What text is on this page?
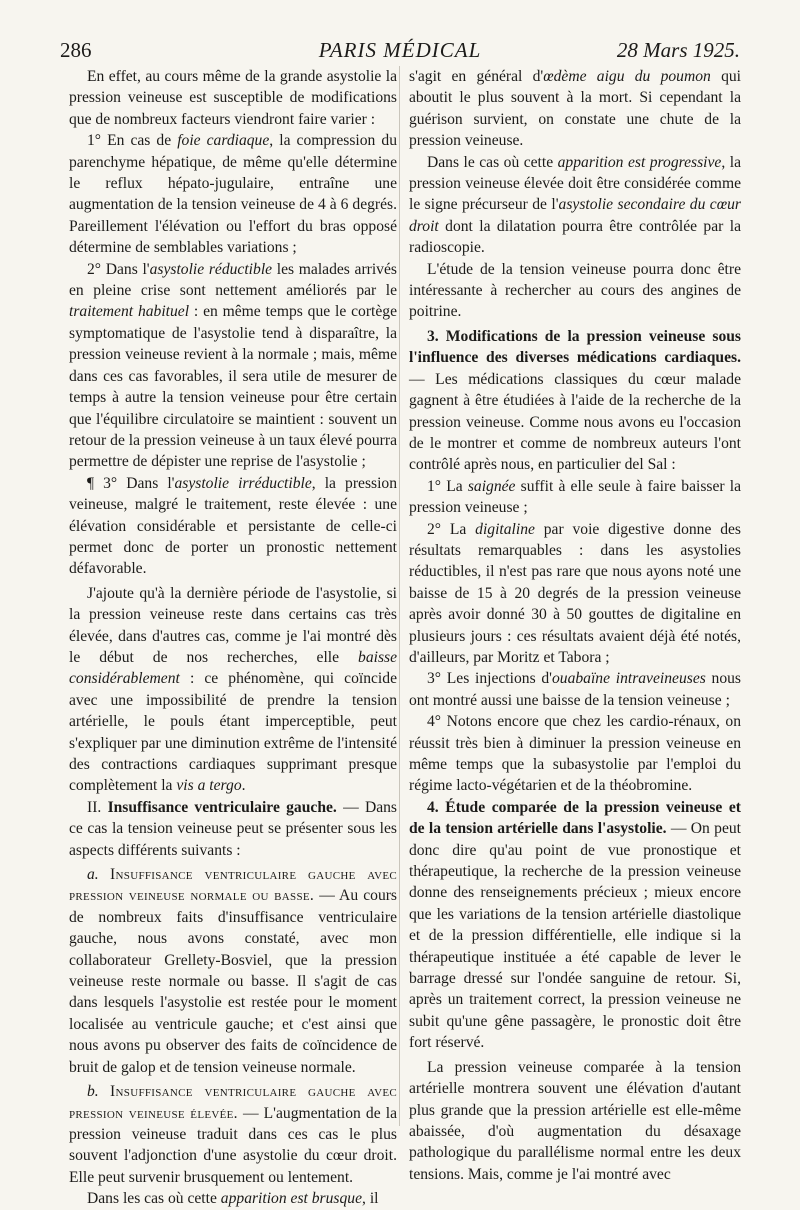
286	PARIS MÉDICAL	28 Mars 1925.

En effet, au cours même de la grande asystolie la pression veineuse est susceptible de modifications que de nombreux facteurs viendront faire varier :

1° En cas de foie cardiaque, la compression du parenchyme hépatique, de même qu'elle détermine le reflux hépato-jugulaire, entraîne une augmentation de la tension veineuse de 4 à 6 degrés. Pareillement l'élévation ou l'effort du bras opposé détermine de semblables variations ;

2° Dans l'asystolie réductible les malades arrivés en pleine crise sont nettement améliorés par le traitement habituel : en même temps que le cortège symptomatique de l'asystolie tend à disparaître, la pression veineuse revient à la normale ; mais, même dans ces cas favorables, il sera utile de mesurer de temps à autre la tension veineuse pour être certain que l'équilibre circulatoire se maintient : souvent un retour de la pression veineuse à un taux élevé pourra permettre de dépister une reprise de l'asystolie ;

¶ 3° Dans l'asystolie irréductible, la pression veineuse, malgré le traitement, reste élevée : une élévation considérable et persistante de celle-ci permet donc de porter un pronostic nettement défavorable.

J'ajoute qu'à la dernière période de l'asystolie, si la pression veineuse reste dans certains cas très élevée, dans d'autres cas, comme je l'ai montré dès le début de nos recherches, elle baisse considérablement : ce phénomène, qui coïncide avec une impossibilité de prendre la tension artérielle, le pouls étant imperceptible, peut s'expliquer par une diminution extrême de l'intensité des contractions cardiaques supprimant presque complètement la vis a tergo.

II. Insuffisance ventriculaire gauche. — Dans ce cas la tension veineuse peut se présenter sous les aspects différents suivants :

a. Insuffisance ventriculaire gauche avec pression veineuse normale ou basse. — Au cours de nombreux faits d'insuffisance ventriculaire gauche, nous avons constaté, avec mon collaborateur Grellety-Bosviel, que la pression veineuse reste normale ou basse. Il s'agit de cas dans lesquels l'asystolie est restée pour le moment localisée au ventricule gauche; et c'est ainsi que nous avons pu observer des faits de coïncidence de bruit de galop et de tension veineuse normale.

b. Insuffisance ventriculaire gauche avec pression veineuse élevée. — L'augmentation de la pression veineuse traduit dans ces cas le plus souvent l'adjonction d'une asystolie du cœur droit. Elle peut survenir brusquement ou lentement.

Dans les cas où cette apparition est brusque, il

s'agit en général d'œdème aigu du poumon qui aboutit le plus souvent à la mort. Si cependant la guérison survient, on constate une chute de la pression veineuse.

Dans le cas où cette apparition est progressive, la pression veineuse élevée doit être considérée comme le signe précurseur de l'asystolie secondaire du cœur droit dont la dilatation pourra être contrôlée par la radioscopie.

L'étude de la tension veineuse pourra donc être intéressante à rechercher au cours des angines de poitrine.

3. Modifications de la pression veineuse sous l'influence des diverses médications cardiaques. — Les médications classiques du cœur malade gagnent à être étudiées à l'aide de la recherche de la pression veineuse. Comme nous avons eu l'occasion de le montrer et comme de nombreux auteurs l'ont contrôlé après nous, en particulier del Sal :

1° La saignée suffit à elle seule à faire baisser la pression veineuse ;

2° La digitaline par voie digestive donne des résultats remarquables : dans les asystolies réductibles, il n'est pas rare que nous ayons noté une baisse de 15 à 20 degrés de la pression veineuse après avoir donné 30 à 50 gouttes de digitaline en plusieurs jours : ces résultats avaient déjà été notés, d'ailleurs, par Moritz et Tabora ;

3° Les injections d'ouabaïne intraveineuses nous ont montré aussi une baisse de la tension veineuse ;

4° Notons encore que chez les cardio-rénaux, on réussit très bien à diminuer la pression veineuse en même temps que la subasystolie par l'emploi du régime lacto-végétarien et de la théobromine.

4. Étude comparée de la pression veineuse et de la tension artérielle dans l'asystolie. — On peut donc dire qu'au point de vue pronostique et thérapeutique, la recherche de la pression veineuse donne des renseignements précieux ; mieux encore que les variations de la tension artérielle diastolique et de la pression différentielle, elle indique si la thérapeutique instituée a été capable de lever le barrage dressé sur l'ondée sanguine de retour. Si, après un traitement correct, la pression veineuse ne subit qu'une gêne passagère, le pronostic doit être fort réservé.

La pression veineuse comparée à la tension artérielle montrera souvent une élévation d'autant plus grande que la pression artérielle est elle-même abaissée, d'où augmentation du désaxage pathologique du parallélisme normal entre les deux tensions. Mais, comme je l'ai montré avec
